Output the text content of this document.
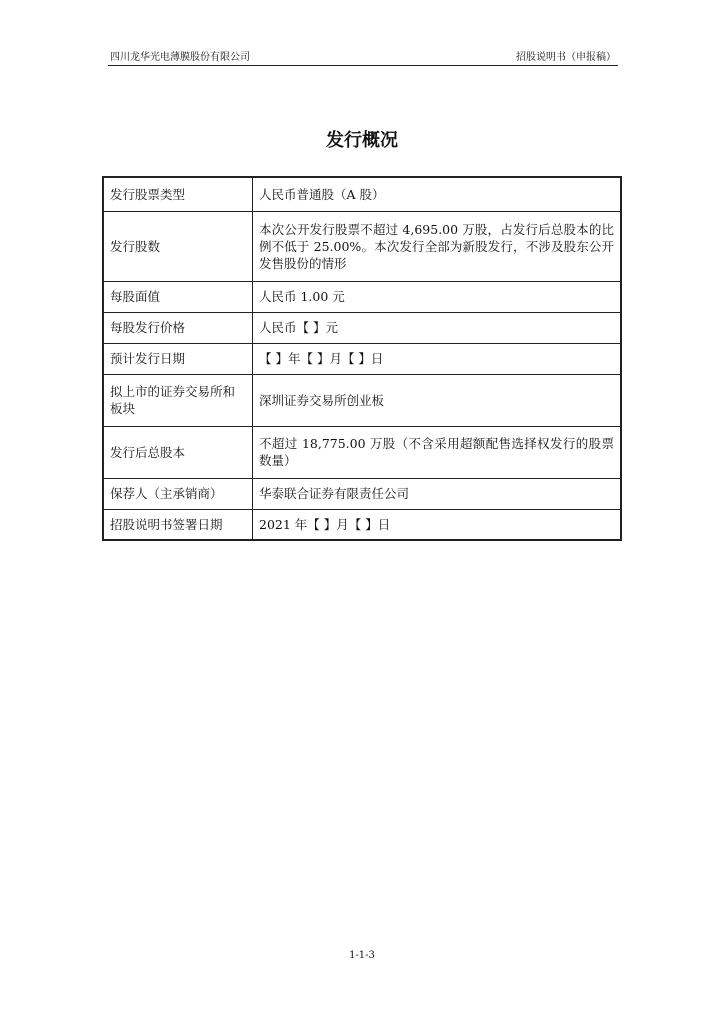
四川龙华光电薄膜股份有限公司	招股说明书（申报稿）
发行概况
发行股票类型	人民币普通股（A 股）
发行股数	本次公开发行股票不超过 4,695.00 万股，占发行后总股本的比例不低于 25.00%。本次发行全部为新股发行，不涉及股东公开发售股份的情形
每股面值	人民币 1.00 元
每股发行价格	人民币【 】元
预计发行日期	【 】年【 】月【 】日
拟上市的证券交易所和板块	深圳证券交易所创业板
发行后总股本	不超过 18,775.00 万股（不含采用超额配售选择权发行的股票数量）
保荐人（主承销商）	华泰联合证券有限责任公司
招股说明书签署日期	2021 年【 】月【 】日
1-1-3
